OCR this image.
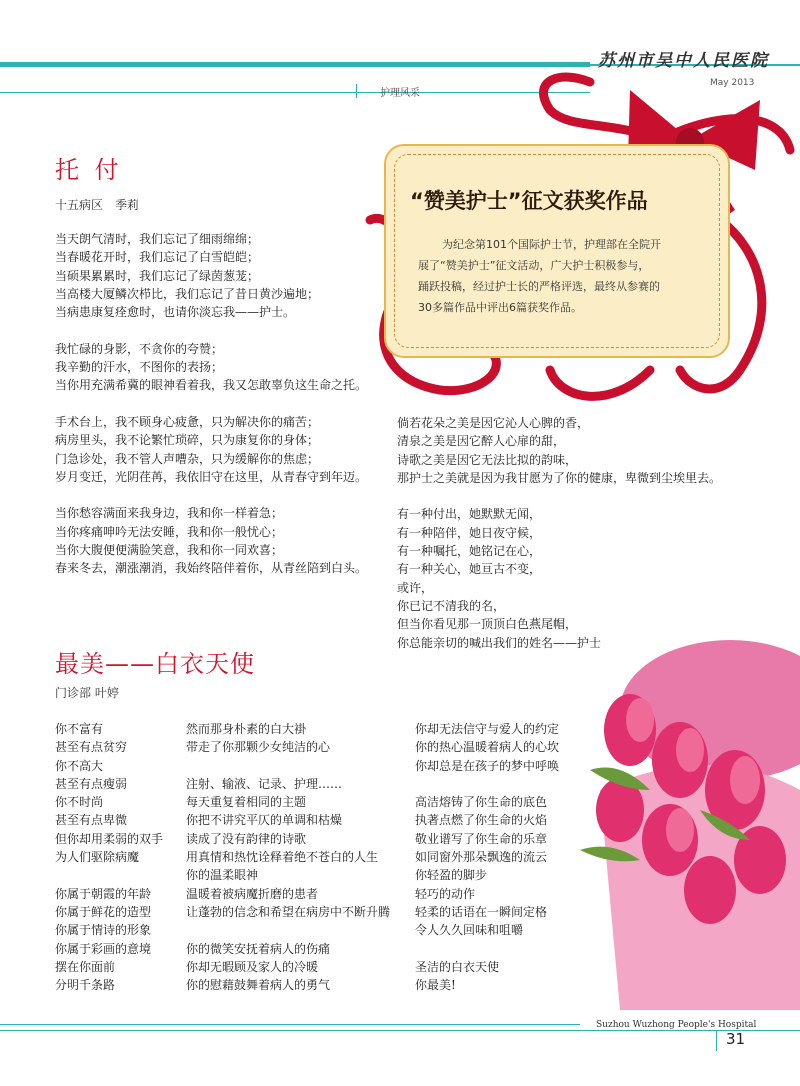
苏州市吴中人民医院
May 2013
护理风采
“赞美护士”征文获奖作品
为纪念第101个国际护士节，护理部在全院开
展了“赞美护士”征文活动，广大护士积极参与，
踊跃投稿，经过护士长的严格评选，最终从参赛的
30多篇作品中评出6篇获奖作品。
托 付
十五病区　季莉
当天朗气清时，我们忘记了细雨绵绵；
当春暖花开时，我们忘记了白雪皑皑；
当硕果累累时，我们忘记了绿茵葱茏；
当高楼大厦鳞次栉比，我们忘记了昔日黄沙遍地；
当病患康复痊愈时，也请你淡忘我——护士。
我忙碌的身影，不贪你的夸赞；
我辛勤的汗水，不图你的表扬；
当你用充满希冀的眼神看着我，我又怎敢辜负这生命之托。
手术台上，我不顾身心疲惫，只为解决你的痛苦；
病房里头，我不论繁忙琐碎，只为康复你的身体；
门急诊处，我不管人声嘈杂，只为缓解你的焦虑；
岁月变迁，光阴荏苒，我依旧守在这里，从青春守到年迈。
当你愁容满面来我身边，我和你一样着急；
当你疼痛呻吟无法安睡，我和你一般忧心；
当你大腹便便满脸笑意，我和你一同欢喜；
春来冬去，潮涨潮消，我始终陪伴着你，从青丝陪到白头。
倘若花朵之美是因它沁人心脾的香，
清泉之美是因它醉人心扉的甜，
诗歌之美是因它无法比拟的韵味，
那护士之美就是因为我甘愿为了你的健康，卑微到尘埃里去。
有一种付出，她默默无闻，
有一种陪伴，她日夜守候，
有一种嘱托，她铭记在心，
有一种关心，她亘古不变，
或许，
你已记不清我的名，
但当你看见那一顶顶白色燕尾帽，
你总能亲切的喊出我们的姓名——护士
最美——白衣天使
门诊部 叶婷
你不富有
甚至有点贫穷
你不高大
甚至有点瘦弱
你不时尚
甚至有点卑微
但你却用柔弱的双手
为人们驱除病魔
你属于朝霞的年龄
你属于鲜花的造型
你属于情诗的形象
你属于彩画的意境
摆在你面前
分明千条路
然而那身朴素的白大褂
带走了你那颗少女纯洁的心
注射、输液、记录、护理……
每天重复着相同的主题
你把不讲究平仄的单调和枯燥
读成了没有韵律的诗歌
用真情和热忱诠释着绝不苍白的人生
你的温柔眼神
温暖着被病魔折磨的患者
让蓬勃的信念和希望在病房中不断升腾
你的微笑安抚着病人的伤痛
你却无暇顾及家人的冷暖
你的慰藉鼓舞着病人的勇气
你却无法信守与爱人的约定
你的热心温暖着病人的心坎
你却总是在孩子的梦中呼唤
高洁熔铸了你生命的底色
执著点燃了你生命的火焰
敬业谱写了你生命的乐章
如同窗外那朵飘逸的流云
你轻盈的脚步
轻巧的动作
轻柔的话语在一瞬间定格
令人久久回味和咀嚼
圣洁的白衣天使
你最美!
Suzhou Wuzhong People's Hospital
31
